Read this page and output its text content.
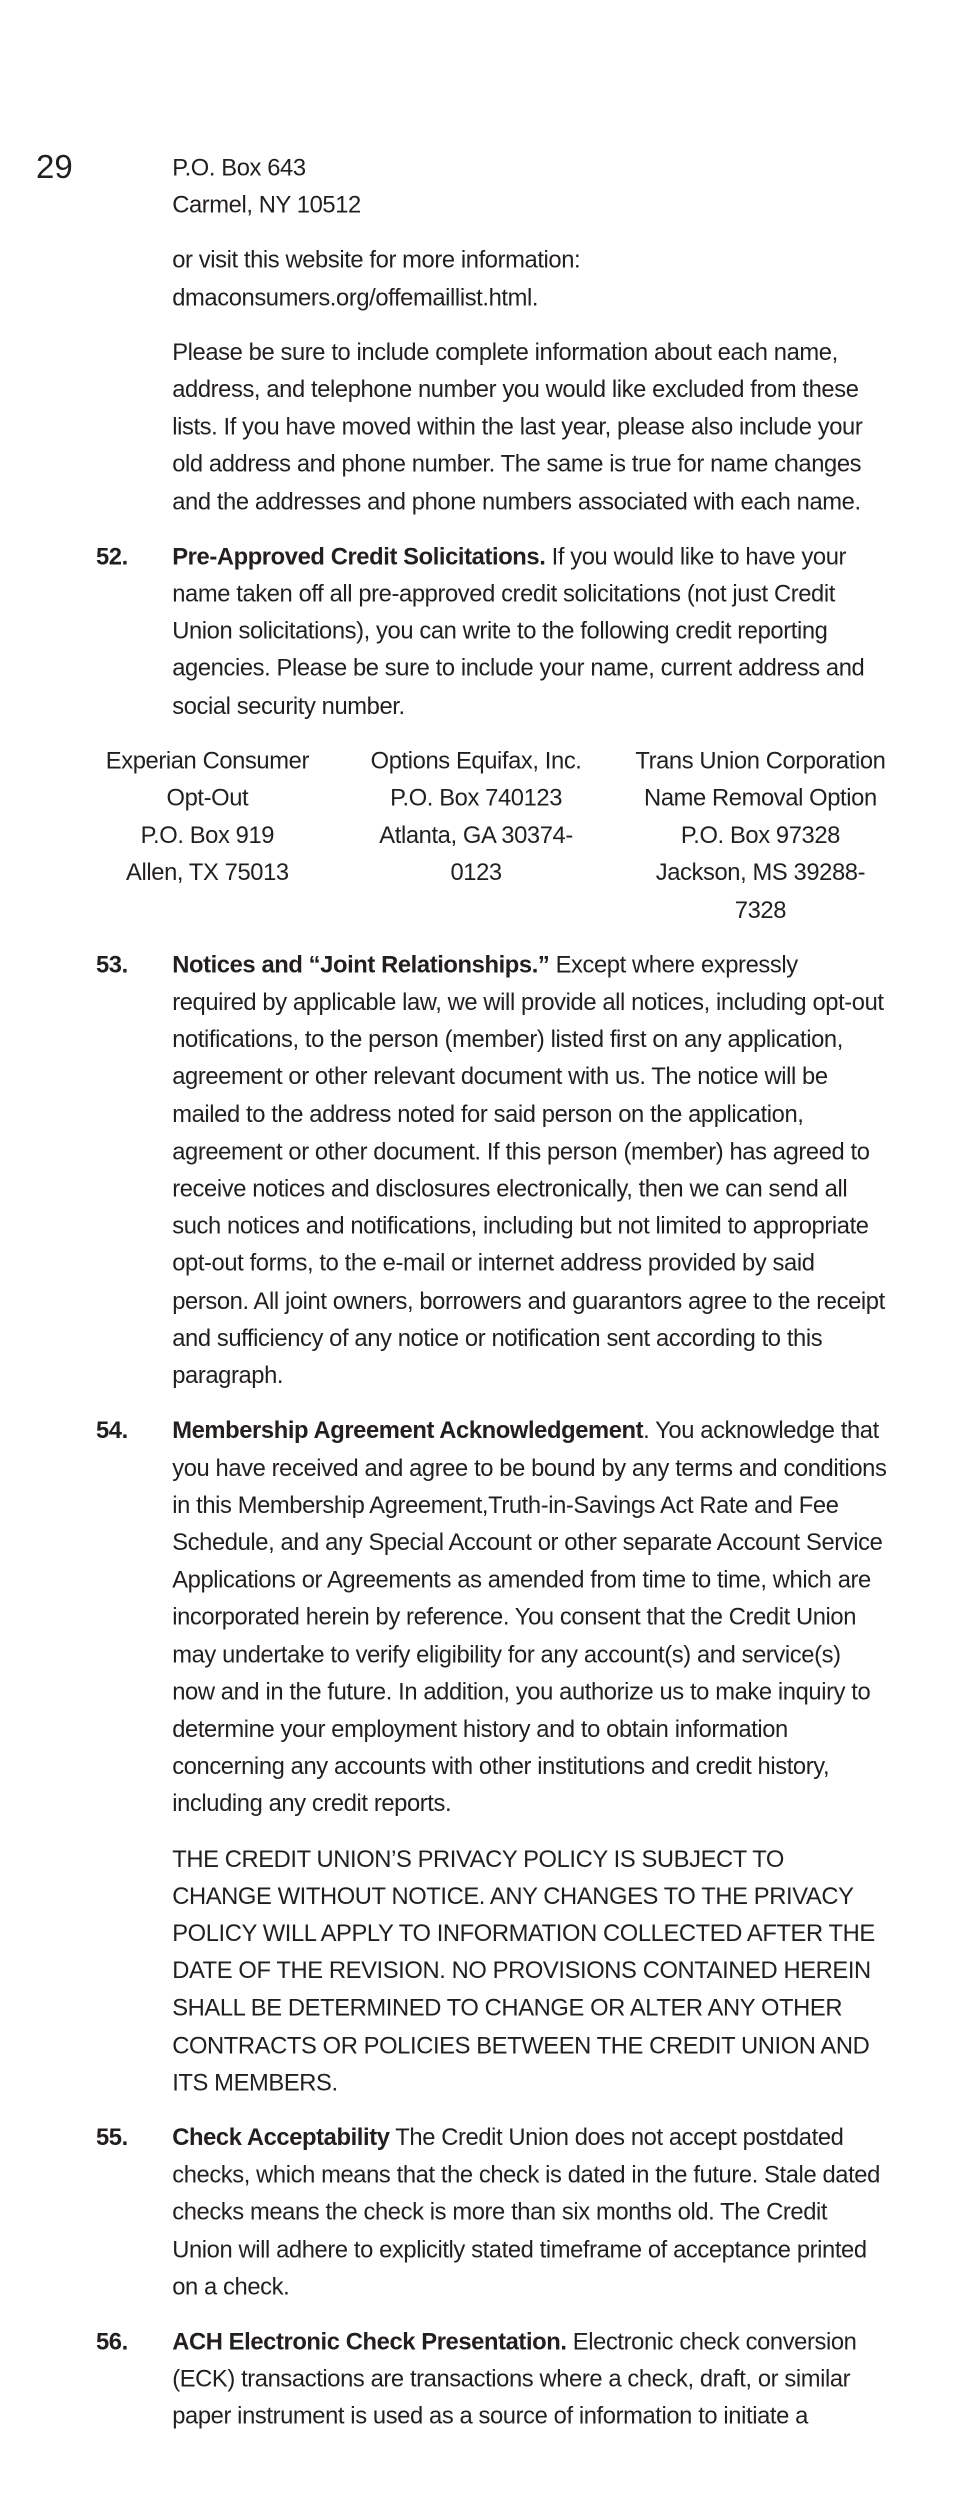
29	P.O. Box 643
Carmel, NY 10512

or visit this website for more information:
dmaconsumers.org/offemaillist.html.

Please be sure to include complete information about each name, address, and telephone number you would like excluded from these lists. If you have moved within the last year, please also include your old address and phone number. The same is true for name changes and the addresses and phone numbers associated with each name.

52.	Pre-Approved Credit Solicitations. If you would like to have your name taken off all pre-approved credit solicitations (not just Credit Union solicitations), you can write to the following credit reporting agencies. Please be sure to include your name, current address and social security number.
Experian Consumer
Opt-Out
P.O. Box 919
Allen, TX 75013
Options Equifax, Inc.
P.O. Box 740123
Atlanta, GA 30374-0123
Trans Union Corporation
Name Removal Option
P.O. Box 97328
Jackson, MS 39288-7328
53.	Notices and “Joint Relationships.” Except where expressly required by applicable law, we will provide all notices, including opt-out notifications, to the person (member) listed first on any application, agreement or other relevant document with us. The notice will be mailed to the address noted for said person on the application, agreement or other document. If this person (member) has agreed to receive notices and disclosures electronically, then we can send all such notices and notifications, including but not limited to appropriate opt-out forms, to the e-mail or internet address provided by said person. All joint owners, borrowers and guarantors agree to the receipt and sufficiency of any notice or notification sent according to this paragraph.
54.	Membership Agreement Acknowledgement. You acknowledge that you have received and agree to be bound by any terms and conditions in this Membership Agreement,Truth-in-Savings Act Rate and Fee Schedule, and any Special Account or other separate Account Service Applications or Agreements as amended from time to time, which are incorporated herein by reference. You consent that the Credit Union may undertake to verify eligibility for any account(s) and service(s) now and in the future. In addition, you authorize us to make inquiry to determine your employment history and to obtain information concerning any accounts with other institutions and credit history, including any credit reports.

THE CREDIT UNION’S PRIVACY POLICY IS SUBJECT TO CHANGE WITHOUT NOTICE. ANY CHANGES TO THE PRIVACY POLICY WILL APPLY TO INFORMATION COLLECTED AFTER THE DATE OF THE REVISION. NO PROVISIONS CONTAINED HEREIN SHALL BE DETERMINED TO CHANGE OR ALTER ANY OTHER CONTRACTS OR POLICIES BETWEEN THE CREDIT UNION AND ITS MEMBERS.

55.	Check Acceptability The Credit Union does not accept postdated checks, which means that the check is dated in the future. Stale dated checks means the check is more than six months old. The Credit Union will adhere to explicitly stated timeframe of acceptance printed on a check.
56.	ACH Electronic Check Presentation. Electronic check conversion (ECK) transactions are transactions where a check, draft, or similar paper instrument is used as a source of information to initiate a
